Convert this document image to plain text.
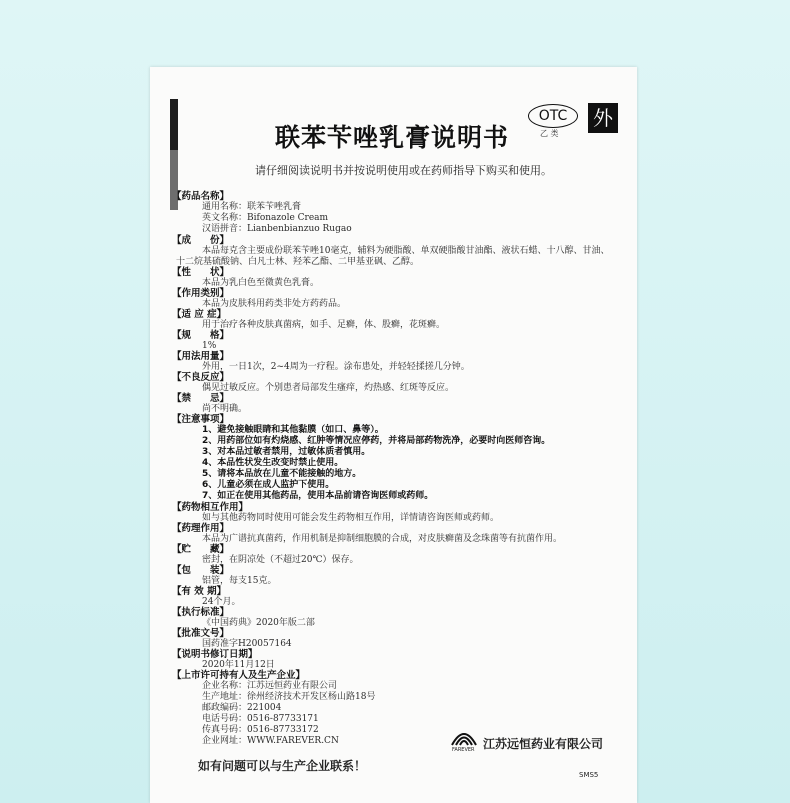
OTC
乙 类
外
联苯苄唑乳膏说明书
请仔细阅读说明书并按说明使用或在药师指导下购买和使用。
【药品名称】
通用名称：联苯苄唑乳膏
英文名称：Bifonazole Cream
汉语拼音：Lianbenbianzuo Rugao
【成　　份】
本品每克含主要成份联苯苄唑10毫克，辅料为硬脂酸、单双硬脂酸甘油酯、液状石蜡、十八醇、甘油、
十二烷基硫酸钠、白凡士林、羟苯乙酯、二甲基亚砜、乙醇。
【性　　状】
本品为乳白色至微黄色乳膏。
【作用类别】
本品为皮肤科用药类非处方药药品。
【适 应 症】
用于治疗各种皮肤真菌病，如手、足癣，体、股癣，花斑癣。
【规　　格】
1%
【用法用量】
外用，一日1次，2~4周为一疗程。涂布患处，并轻轻揉搓几分钟。
【不良反应】
偶见过敏反应。个别患者局部发生瘙痒，灼热感、红斑等反应。
【禁　　忌】
尚不明确。
【注意事项】
1、避免接触眼睛和其他黏膜（如口、鼻等）。
2、用药部位如有灼烧感、红肿等情况应停药，并将局部药物洗净，必要时向医师咨询。
3、对本品过敏者禁用，过敏体质者慎用。
4、本品性状发生改变时禁止使用。
5、请将本品放在儿童不能接触的地方。
6、儿童必须在成人监护下使用。
7、如正在使用其他药品，使用本品前请咨询医师或药师。
【药物相互作用】
如与其他药物同时使用可能会发生药物相互作用，详情请咨询医师或药师。
【药理作用】
本品为广谱抗真菌药，作用机制是抑制细胞膜的合成，对皮肤癣菌及念珠菌等有抗菌作用。
【贮　　藏】
密封，在阴凉处（不超过20℃）保存。
【包　　装】
铝管，每支15克。
【有 效 期】
24个月。
【执行标准】
《中国药典》2020年版二部
【批准文号】
国药准字H20057164
【说明书修订日期】
2020年11月12日
【上市许可持有人及生产企业】
企业名称：江苏远恒药业有限公司
生产地址：徐州经济技术开发区杨山路18号
邮政编码：221004
电话号码：0516-87733171
传真号码：0516-87733172
企业网址：WWW.FAREVER.CN
如有问题可以与生产企业联系！
FAREVER 江苏远恒药业有限公司
SMS5
